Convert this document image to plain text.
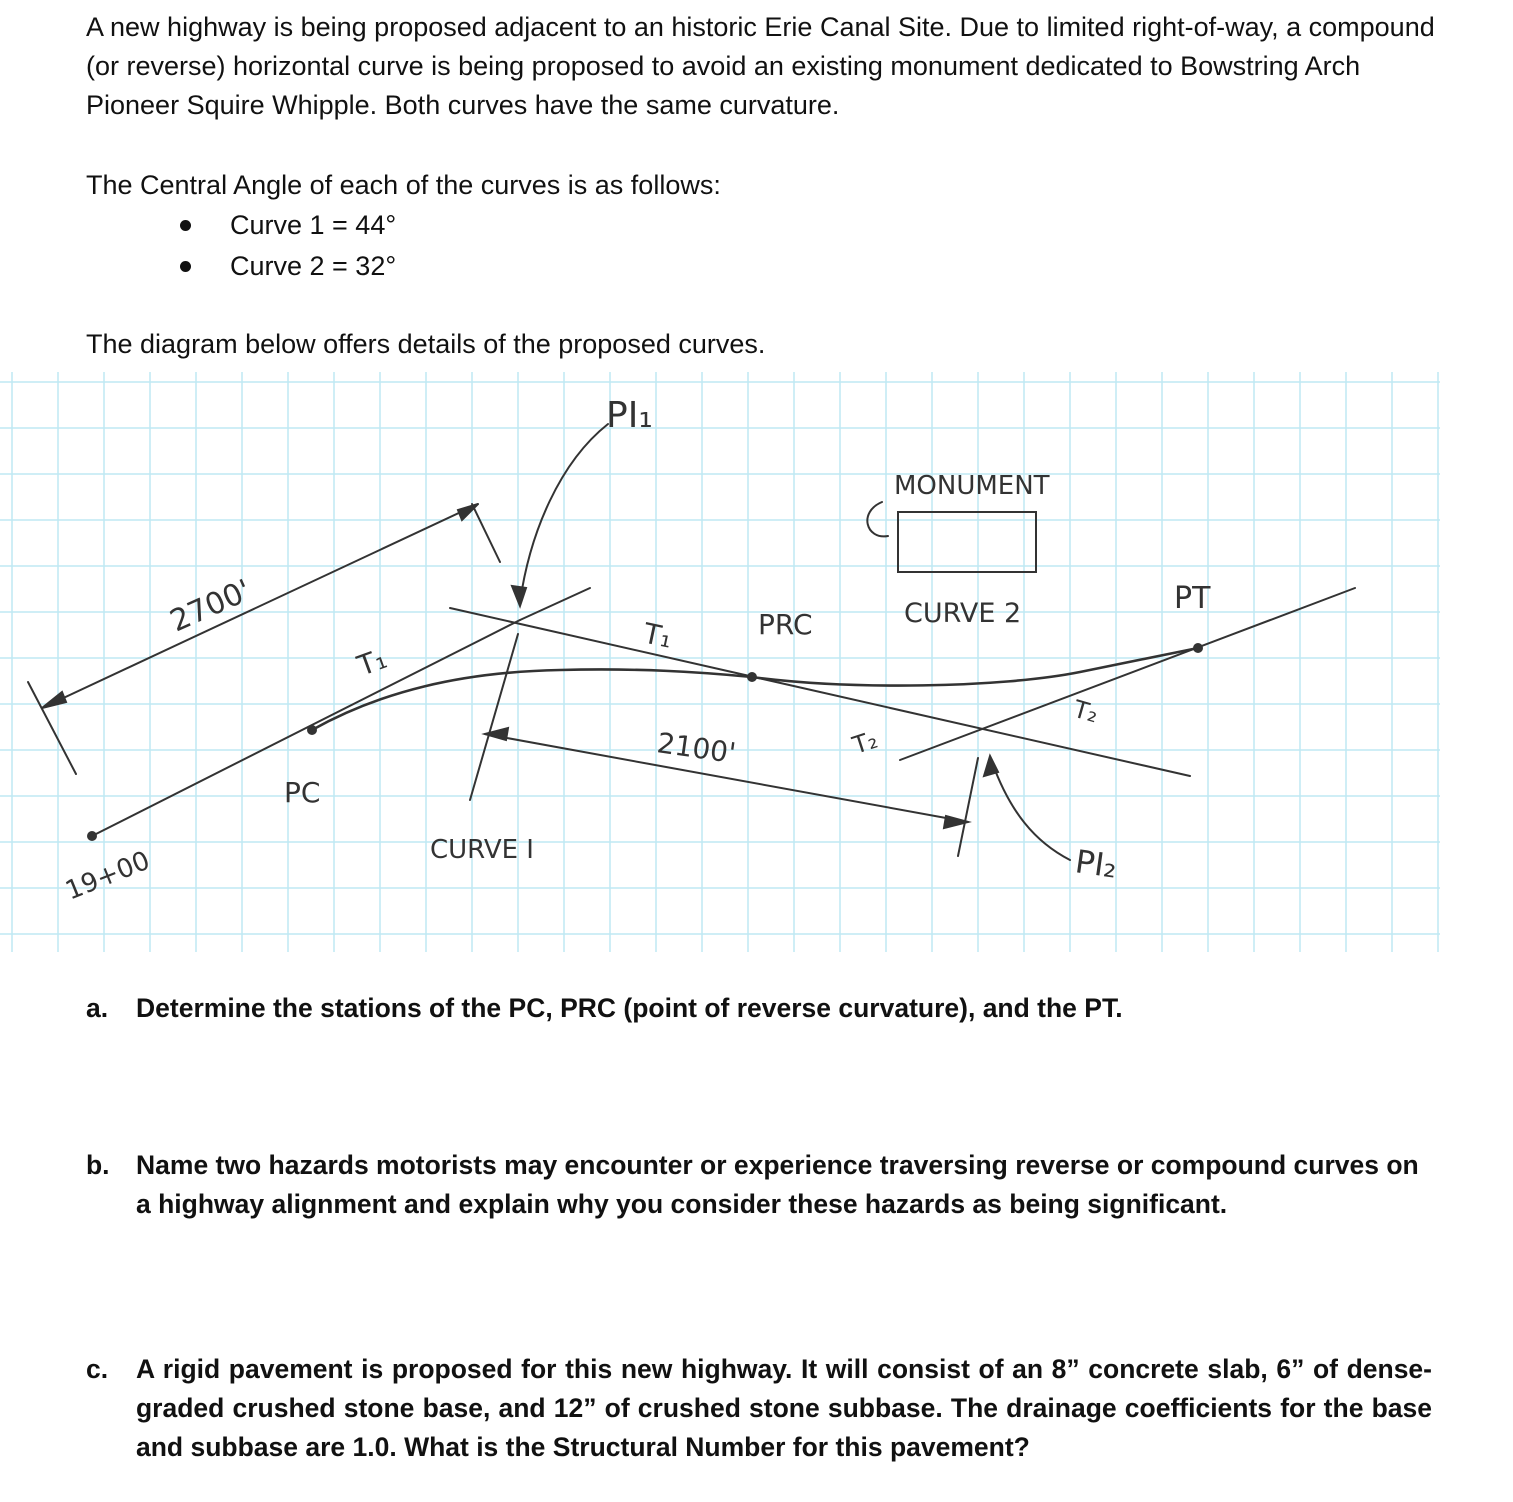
A new highway is being proposed adjacent to an historic Erie Canal Site. Due to limited right-of-way, a compound (or reverse) horizontal curve is being proposed to avoid an existing monument dedicated to Bowstring Arch Pioneer Squire Whipple. Both curves have the same curvature.

The Central Angle of each of the curves is as follows:

Curve 1 = 44°
Curve 2 = 32°

The diagram below offers details of the proposed curves.

PI₁
MONUMENT
2700'
T₁
T₁	PRC	CURVE 2	PT
T₂
T₂
2100'
PC
CURVE I
19+00	PI₂
a.	Determine the stations of the PC, PRC (point of reverse curvature), and the PT.
b. Name two hazards motorists may encounter or experience traversing reverse or compound curves on a highway alignment and explain why you consider these hazards as being significant.
c.	A rigid pavement is proposed for this new highway. It will consist of an 8” concrete slab, 6” of dense-graded crushed stone base, and 12” of crushed stone subbase. The drainage coefficients for the base and subbase are 1.0. What is the Structural Number for this pavement?
